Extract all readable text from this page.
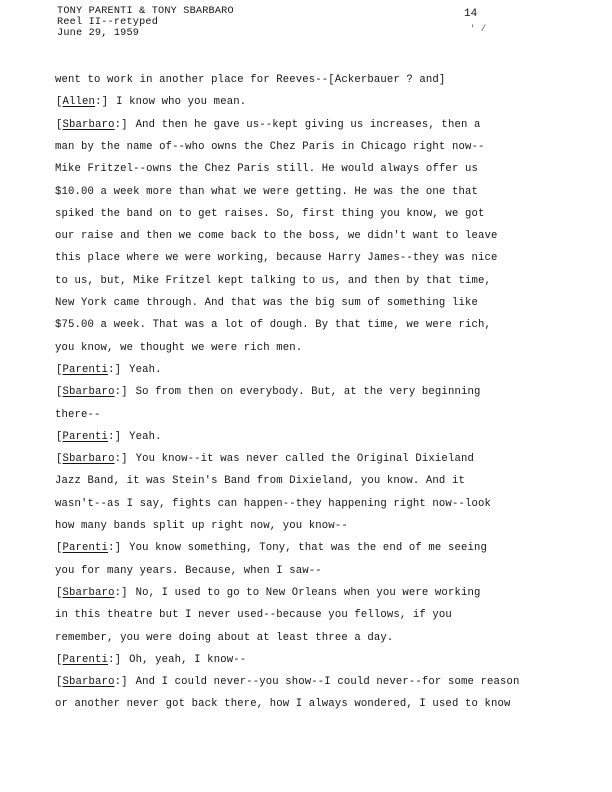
TONY PARENTI & TONY SBARBARO
Reel II--retyped
June 29, 1959
14
' /
went to work in another place for Reeves--[Ackerbauer ? and]
[ Allen :] I know who you mean.
[ Sbarbaro :] And then he gave us--kept giving us increases, then a
man by the name of--who owns the Chez Paris in Chicago right now--
Mike Fritzel--owns the Chez Paris still. He would always offer us
$10.00 a week more than what we were getting. He was the one that
spiked the band on to get raises. So, first thing you know, we got
our raise and then we come back to the boss, we didn't want to leave
this place where we were working, because Harry James--they was nice
to us, but, Mike Fritzel kept talking to us, and then by that time,
New York came through. And that was the big sum of something like
$75.00 a week. That was a lot of dough. By that time, we were rich,
you know, we thought we were rich men.
[ Parenti :] Yeah.
[ Sbarbaro :] So from then on everybody. But, at the very beginning
there--
[ Parenti :] Yeah.
[ Sbarbaro :] You know--it was never called the Original Dixieland
Jazz Band, it was Stein's Band from Dixieland, you know. And it
wasn't--as I say, fights can happen--they happening right now--look
how many bands split up right now, you know--
[ Parenti :] You know something, Tony, that was the end of me seeing
you for many years. Because, when I saw--
[ Sbarbaro :] No, I used to go to New Orleans when you were working
in this theatre but I never used--because you fellows, if you
remember, you were doing about at least three a day.
[ Parenti :] Oh, yeah, I know--
[ Sbarbaro :] And I could never--you show--I could never--for some reason
or another never got back there, how I always wondered, I used to know
